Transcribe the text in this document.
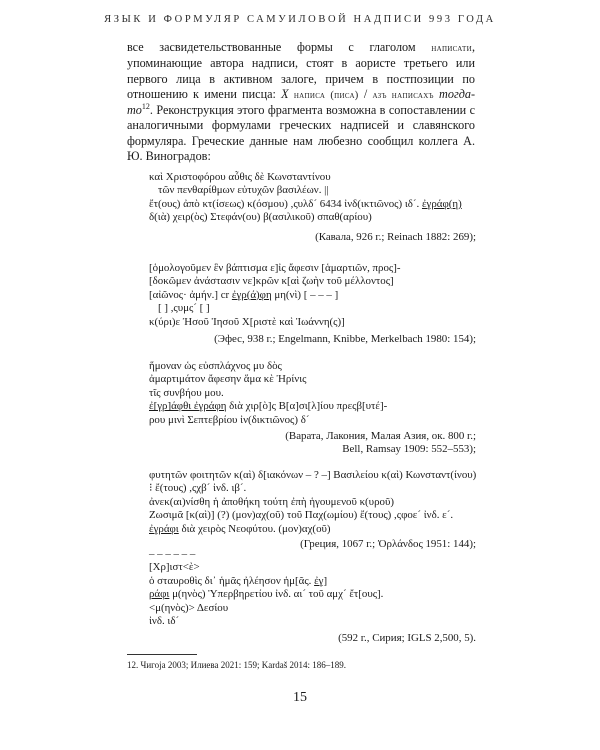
ЯЗЫК И ФОРМУЛЯР САМУИЛОВОЙ НАДПИСИ 993 ГОДА

все засвидетельствованные формы с глаголом написати, упоминающие автора надписи, стоят в аористе третьего или первого лица в активном залоге, причем в постпозиции по отношению к имени писца: Х написа (писа) / азъ написахъ тогда-то$^{12}$. Реконструкция этого фрагмента возможна в сопоставлении с аналогичными формулами греческих надписей и славянского формуляра. Греческие данные нам любезно сообщил коллега А. Ю. Виноградов:

καὶ Χριστοφόρου αὖθις δὲ Κωνσταντίνου
τῶν πενθαρίθμων εὐτυχῶν βασιλέων. ||
ἔτ(ους) ἀπὸ κτ(ίσεως) κ(όσμου) ,ςυλδ´ 6434 ἰνδ(ικτιῶνος) ιδ´. ἐγράφ(η)
δ(ιὰ) χειρ(ὸς) Στεφάν(ου) β(ασιλικοῦ) σπαθ(αρίου)
(Кавала, 926 г.; Reinach 1882: 269);
[ὁμολογοῦμεν ἓν βάπτισμα ε]ἰς ἄφεσιν [ἁμαρτιῶν, προς]-
[δοκῶμεν ἀνάστασιν νε]κρῶν κ[αὶ ζωὴν τοῦ μέλλοντος]
[αἰῶνος· ἀμήν.] cr ἐγρ(ά)φη μη(νὶ) [ – – – ]
[ ] ,ςυμς´ [ ]
κ(ύρι)ε Ἠσοῦ Ἰησοῦ Χ[ριστὲ καὶ Ἰωάννη(ς)]
(Эфес, 938 г.; Engelmann, Knibbe, Merkelbach 1980: 154);
ἥμοναν ὡς εὐσπλάχνος μυ δὸς
ἀμαρτιμάτον ἄφεσην ἅμα κὲ Ἠρίνις
τῖς συνβήου μου.
ἐ[γρ]άφθι ἐγράφη διὰ χιρ[ὸ]ς Β[α]σι[λ]ίου πρεςβ[υτέ]-
ρου μινὶ Σεπτεβρίου ἰν(δικτιῶνος) δ´
(Варата, Лакония, Малая Азия, ок. 800 г.;
Bell, Ramsay 1909: 552–553);
φυτητῶν φοιτητῶν κ(αὶ) δ[ιακόνων – ? –] Βασιλείου κ(αὶ) Κωνσταντ(ίνου)
⁝ ἔ(τους) ,ςχβ´ ἰνδ. ιβ´.
ἀνεκ(αι)νίσθη ἡ ἀποθήκη τούτη ἐπὴ ἡγουμενοῦ κ(υροῦ)
Ζωσιμᾶ [κ(αὶ)] (?) (μον)αχ(οῦ) τοῦ Παχ(ωμίου) ἔ(τους) ,ςφοε´ ἰνδ. ε´.
ἐγράφι διὰ χειρὸς Νεοφύτου. (μον)αχ(οῦ)
(Греция, 1067 г.; Ὀρλάνδος 1951: 144);
– – – – – –
[Χρ]ιστ<ὲ>
ὁ σταυροθὶς δι᾽ ἡμᾶς ἠλέησον ἡμ[ᾶς. ἐγ]
ράφι μ(ηνὸς) Ὑπερβηρετίου ἰνδ. αι´ τοῦ αμχ´ ἔτ[ους].
<μ(ηνὸς)> Δεσίου
ἰνδ. ιδ´
(592 г., Сирия; IGLS 2,500, 5).
12. Чигоја 2003; Илиева 2021: 159; Kardaš 2014: 186–189.
15
